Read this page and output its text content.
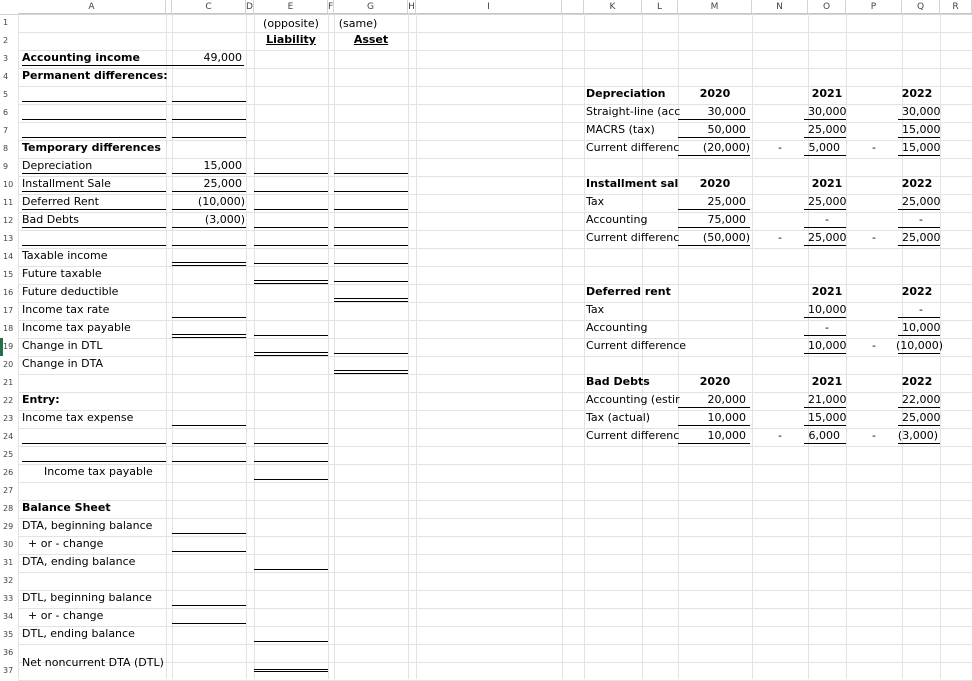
A	C	D	E	F	G	H	I	K	L	M	N	O	P	Q	R
1
2
3
4
5
6
7
8
9
10
11
12
13
14
15
16
17
18
19
20
21
22
23
24
25
26
27
28
29
30
31
32
33
34
35
36
37
(opposite)
Liability
(same)
Asset
Accounting income	49,000
Permanent differences:
Temporary differences
Depreciation	15,000
Installment Sale	25,000
Deferred Rent	(10,000)
Bad Debts	(3,000)
Taxable income
Future taxable
Future deductible
Income tax rate
Income tax payable
Change in DTL
Change in DTA
Entry:
Income tax expense
Income tax payable
Balance Sheet
DTA, beginning balance
+ or - change
DTA, ending balance
DTL, beginning balance
+ or - change
DTL, ending balance
Net noncurrent DTA (DTL)
Depreciation	2020	2021	2022
Straight-line (acc	30,000	30,000	30,000
MACRS (tax)	50,000	25,000	15,000
Current differenc	(20,000)	-	5,000	-	15,000
Installment sal	2020	2021	2022
Tax	25,000	25,000	25,000
Accounting	75,000	-	-
Current differenc	(50,000)	-	25,000	-	25,000
Deferred rent	2021	2022
Tax	10,000	-
Accounting	-	10,000
Current difference	10,000	-	(10,000)
Bad Debts	2020	2021	2022
Accounting (estir	20,000	21,000	22,000
Tax (actual)	10,000	15,000	25,000
Current differenc	10,000	-	6,000	-	(3,000)
